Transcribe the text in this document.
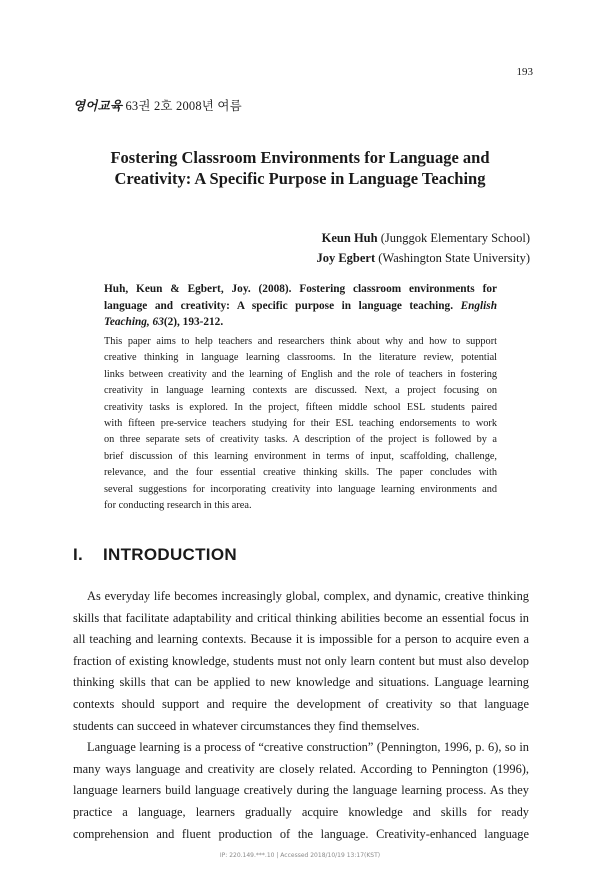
193
영어교육 63권 2호 2008년 여름
Fostering Classroom Environments for Language and
Creativity: A Specific Purpose in Language Teaching
Keun Huh (Junggok Elementary School)
Joy Egbert (Washington State University)
Huh, Keun & Egbert, Joy. (2008). Fostering classroom environments for language and creativity: A specific purpose in language teaching. English Teaching, 63(2), 193-212.
This paper aims to help teachers and researchers think about why and how to support
creative thinking in language learning classrooms. In the literature review, potential
links between creativity and the learning of English and the role of teachers in fostering
creativity in language learning contexts are discussed. Next, a project focusing on
creativity tasks is explored. In the project, fifteen middle school ESL students paired
with fifteen pre-service teachers studying for their ESL teaching endorsements to work
on three separate sets of creativity tasks. A description of the project is followed by a
brief discussion of this learning environment in terms of input, scaffolding, challenge,
relevance, and the four essential creative thinking skills. The paper concludes with
several suggestions for incorporating creativity into language learning environments and
for conducting research in this area.
I. INTRODUCTION
As everyday life becomes increasingly global, complex, and dynamic, creative thinking
skills that facilitate adaptability and critical thinking abilities become an essential focus in
all teaching and learning contexts. Because it is impossible for a person to acquire even a
fraction of existing knowledge, students must not only learn content but must also develop
thinking skills that can be applied to new knowledge and situations. Language learning
contexts should support and require the development of creativity so that language
students can succeed in whatever circumstances they find themselves.
Language learning is a process of “creative construction” (Pennington, 1996, p. 6), so in
many ways language and creativity are closely related. According to Pennington (1996),
language learners build language creatively during the language learning process. As they
practice a language, learners gradually acquire knowledge and skills for ready
comprehension and fluent production of the language. Creativity-enhanced language
IP: 220.149.***.10 | Accessed 2018/10/19 13:17(KST)
